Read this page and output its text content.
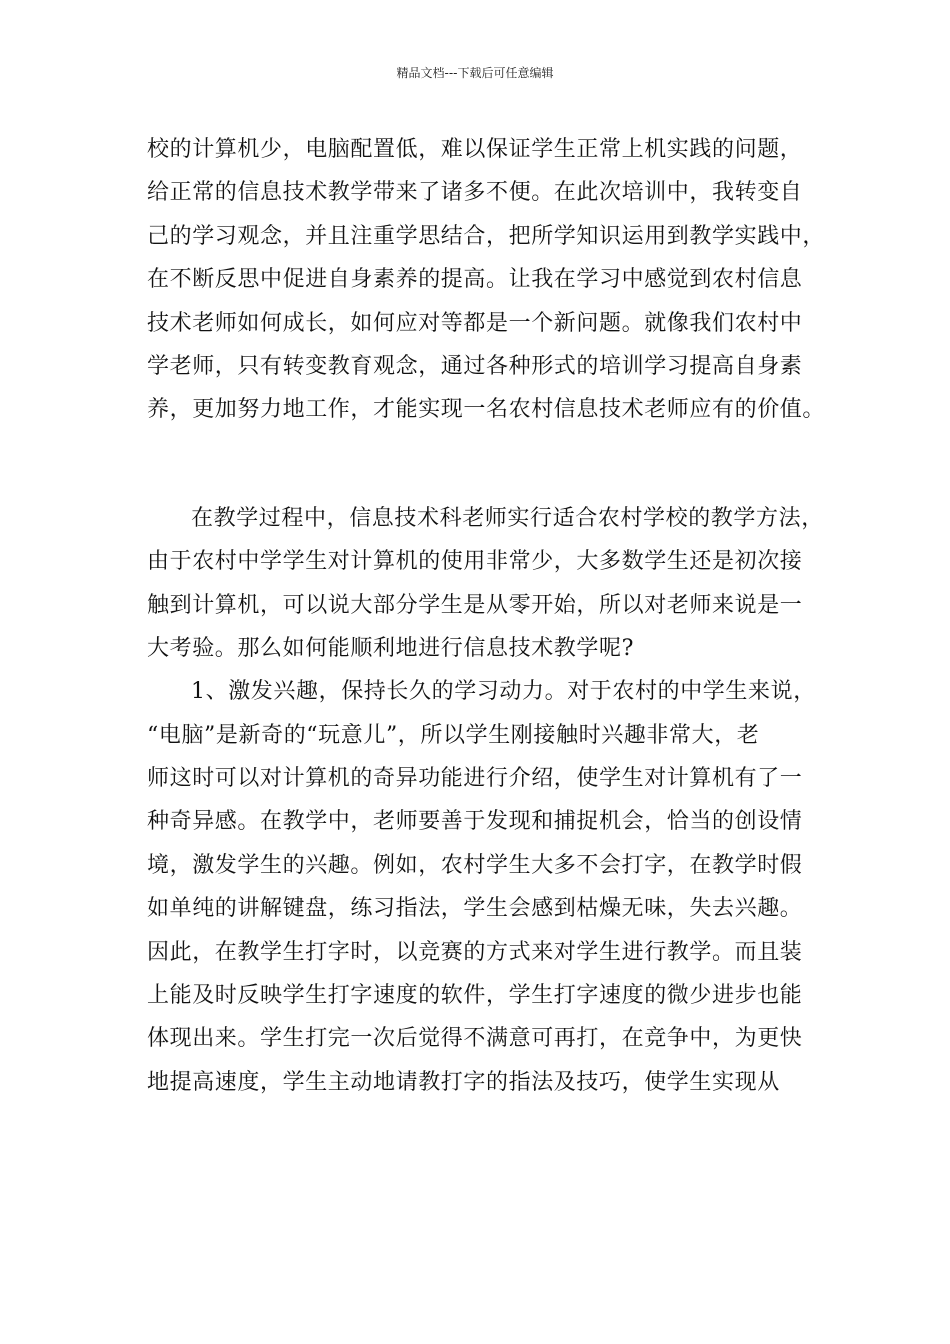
精品文档---下载后可任意编辑
校的计算机少，电脑配置低，难以保证学生正常上机实践的问题，
给正常的信息技术教学带来了诸多不便。在此次培训中，我转变自
己的学习观念，并且注重学思结合，把所学知识运用到教学实践中，
在不断反思中促进自身素养的提高。让我在学习中感觉到农村信息
技术老师如何成长，如何应对等都是一个新问题。就像我们农村中
学老师，只有转变教育观念，通过各种形式的培训学习提高自身素
养，更加努力地工作，才能实现一名农村信息技术老师应有的价值。
在教学过程中，信息技术科老师实行适合农村学校的教学方法，
由于农村中学学生对计算机的使用非常少，大多数学生还是初次接
触到计算机，可以说大部分学生是从零开始，所以对老师来说是一
大考验。那么如何能顺利地进行信息技术教学呢?
1、激发兴趣，保持长久的学习动力。对于农村的中学生来说，
“电脑”是新奇的“玩意儿”，所以学生刚接触时兴趣非常大，老
师这时可以对计算机的奇异功能进行介绍，使学生对计算机有了一
种奇异感。在教学中，老师要善于发现和捕捉机会，恰当的创设情
境，激发学生的兴趣。例如，农村学生大多不会打字，在教学时假
如单纯的讲解键盘，练习指法，学生会感到枯燥无味，失去兴趣。
因此，在教学生打字时，以竞赛的方式来对学生进行教学。而且装
上能及时反映学生打字速度的软件，学生打字速度的微少进步也能
体现出来。学生打完一次后觉得不满意可再打，在竞争中，为更快
地提高速度，学生主动地请教打字的指法及技巧，使学生实现从
